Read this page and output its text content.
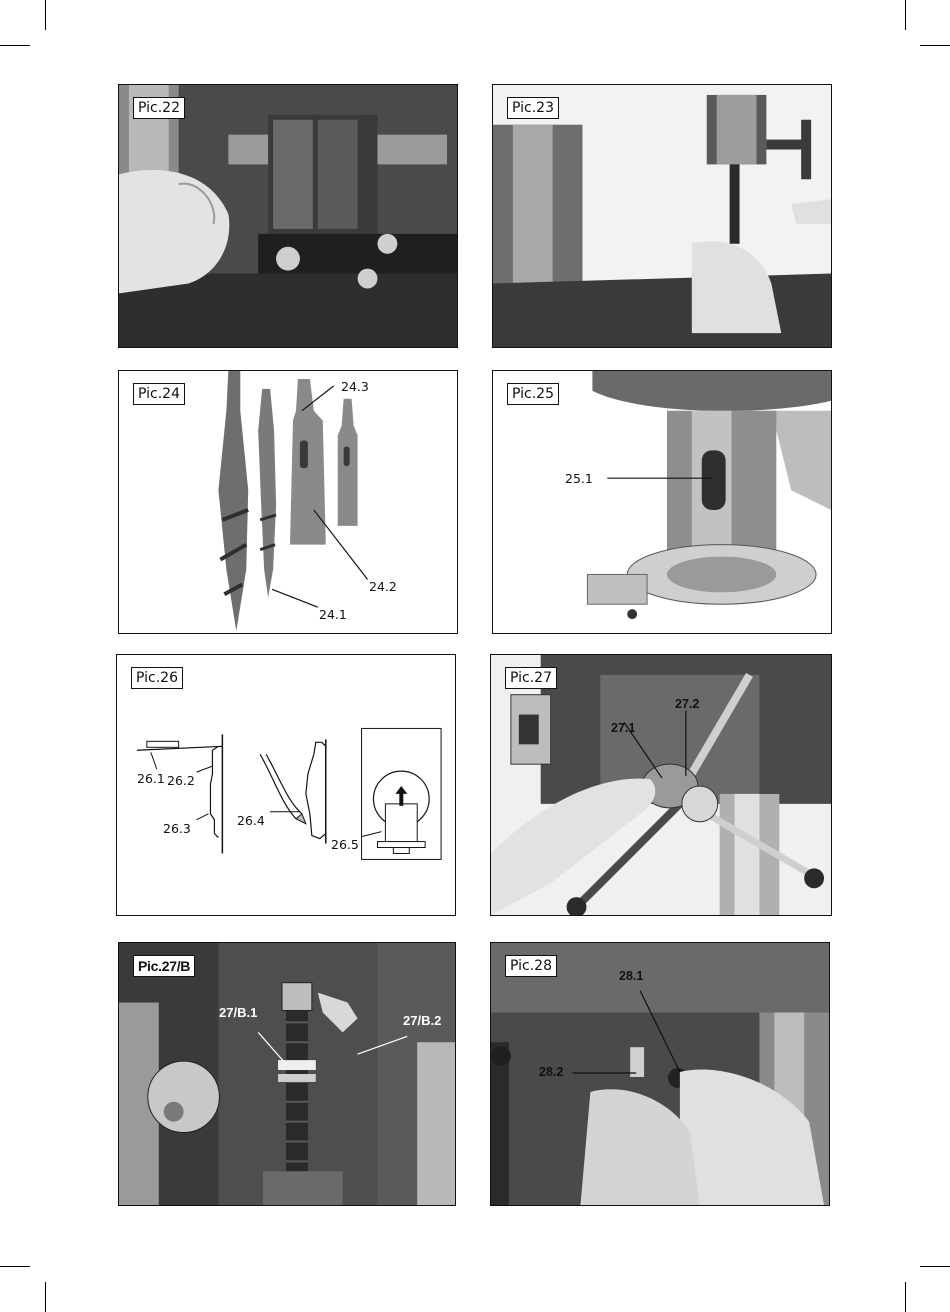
Pic.22	Pic.23
Pic.24	24.3
24.2
24.1
Pic.25
25.1
Pic.26
26.1 26.2
26.3
26.4
26.5
Pic.27
27.1
27.2
Pic.27/B
27/B.1
27/B.2
Pic.28
28.1
28.2
